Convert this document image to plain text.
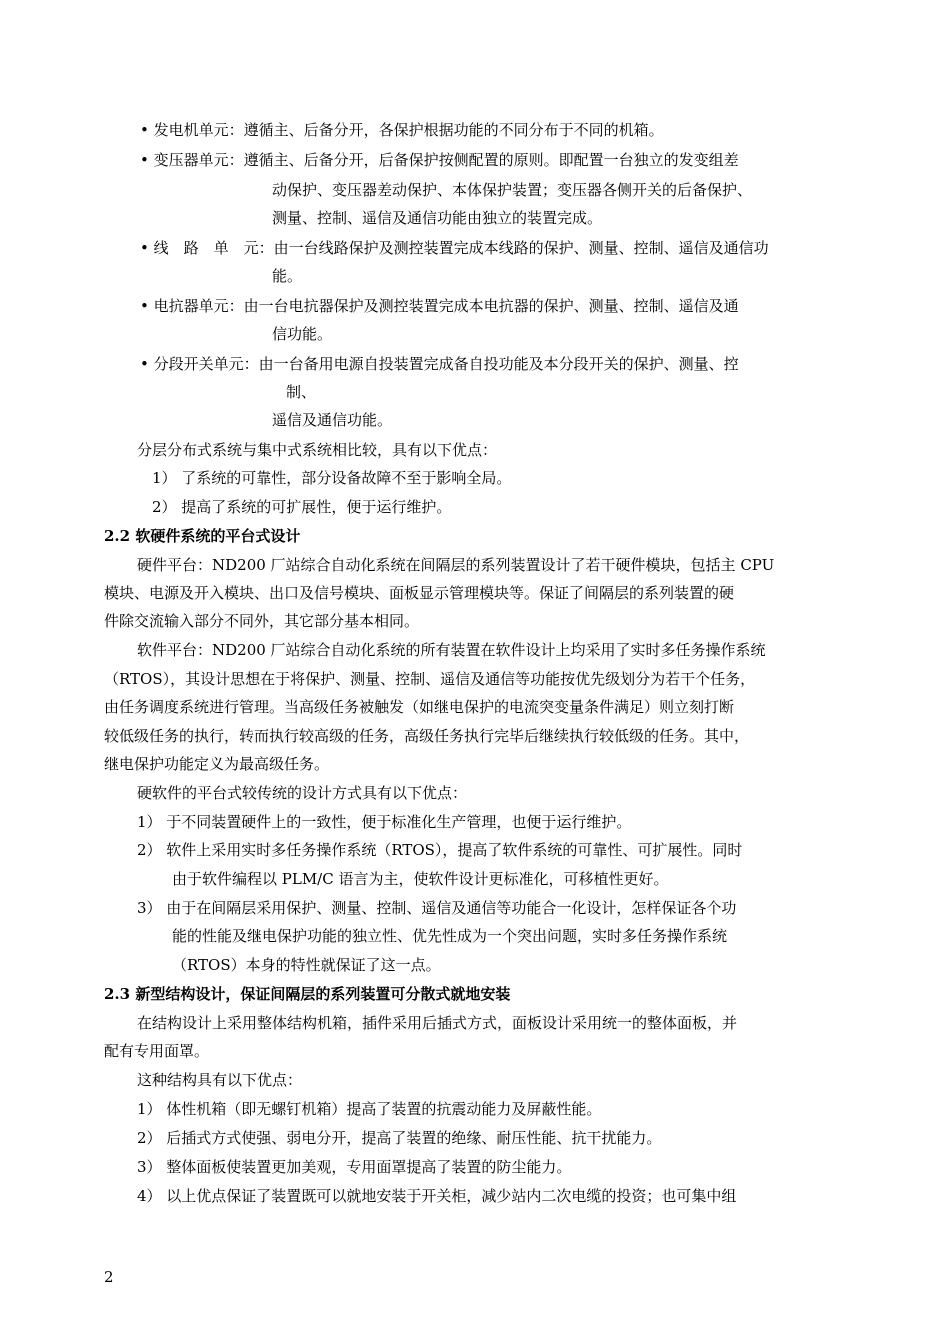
2
• 发电机单元：遵循主、后备分开，各保护根据功能的不同分布于不同的机箱。
• 变压器单元：遵循主、后备分开，后备保护按侧配置的原则。即配置一台独立的发变组差
动保护、变压器差动保护、本体保护装置；变压器各侧开关的后备保护、
测量、控制、遥信及通信功能由独立的装置完成。
• 线　路　单　元：由一台线路保护及测控装置完成本线路的保护、测量、控制、遥信及通信功
能。
• 电抗器单元：由一台电抗器保护及测控装置完成本电抗器的保护、测量、控制、遥信及通
信功能。
• 分段开关单元：由一台备用电源自投装置完成备自投功能及本分段开关的保护、测量、控
制、
遥信及通信功能。
分层分布式系统与集中式系统相比较，具有以下优点：
1） 了系统的可靠性，部分设备故障不至于影响全局。
2） 提高了系统的可扩展性，便于运行维护。
2.2 软硬件系统的平台式设计
硬件平台：ND200 厂站综合自动化系统在间隔层的系列装置设计了若干硬件模块，包括主 CPU
模块、电源及开入模块、出口及信号模块、面板显示管理模块等。保证了间隔层的系列装置的硬
件除交流输入部分不同外，其它部分基本相同。
软件平台：ND200 厂站综合自动化系统的所有装置在软件设计上均采用了实时多任务操作系统
（RTOS），其设计思想在于将保护、测量、控制、遥信及通信等功能按优先级划分为若干个任务，
由任务调度系统进行管理。当高级任务被触发（如继电保护的电流突变量条件满足）则立刻打断
较低级任务的执行，转而执行较高级的任务，高级任务执行完毕后继续执行较低级的任务。其中，
继电保护功能定义为最高级任务。
硬软件的平台式较传统的设计方式具有以下优点：
1） 于不同装置硬件上的一致性，便于标准化生产管理，也便于运行维护。
2） 软件上采用实时多任务操作系统（RTOS），提高了软件系统的可靠性、可扩展性。同时
由于软件编程以 PLM/C 语言为主，使软件设计更标准化，可移植性更好。
3） 由于在间隔层采用保护、测量、控制、遥信及通信等功能合一化设计，怎样保证各个功
能的性能及继电保护功能的独立性、优先性成为一个突出问题，实时多任务操作系统
（RTOS）本身的特性就保证了这一点。
2.3 新型结构设计，保证间隔层的系列装置可分散式就地安装
在结构设计上采用整体结构机箱，插件采用后插式方式，面板设计采用统一的整体面板，并
配有专用面罩。
这种结构具有以下优点：
1） 体性机箱（即无螺钉机箱）提高了装置的抗震动能力及屏蔽性能。
2） 后插式方式使强、弱电分开，提高了装置的绝缘、耐压性能、抗干扰能力。
3） 整体面板使装置更加美观，专用面罩提高了装置的防尘能力。
4） 以上优点保证了装置既可以就地安装于开关柜，减少站内二次电缆的投资；也可集中组
